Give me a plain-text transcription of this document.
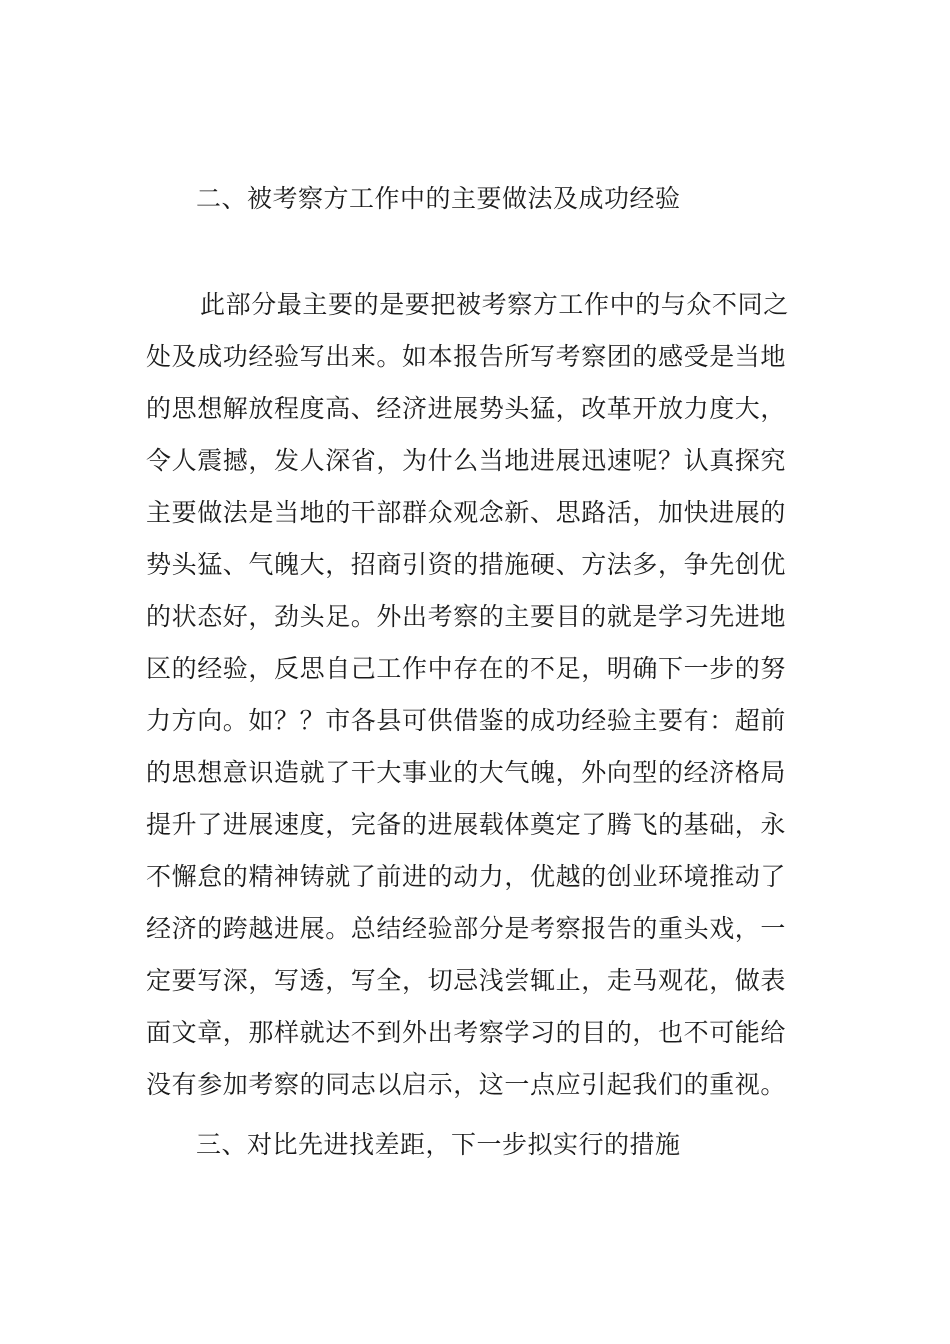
二、被考察方工作中的主要做法及成功经验
此部分最主要的是要把被考察方工作中的与众不同之
处及成功经验写出来。如本报告所写考察团的感受是当地
的思想解放程度高、经济进展势头猛，改革开放力度大，
令人震撼，发人深省，为什么当地进展迅速呢？认真探究
主要做法是当地的干部群众观念新、思路活，加快进展的
势头猛、气魄大，招商引资的措施硬、方法多，争先创优
的状态好，劲头足。外出考察的主要目的就是学习先进地
区的经验，反思自己工作中存在的不足，明确下一步的努
力方向。如？？市各县可供借鉴的成功经验主要有：超前
的思想意识造就了干大事业的大气魄，外向型的经济格局
提升了进展速度，完备的进展载体奠定了腾飞的基础，永
不懈怠的精神铸就了前进的动力，优越的创业环境推动了
经济的跨越进展。总结经验部分是考察报告的重头戏，一
定要写深，写透，写全，切忌浅尝辄止，走马观花，做表
面文章，那样就达不到外出考察学习的目的，也不可能给
没有参加考察的同志以启示，这一点应引起我们的重视。
三、对比先进找差距，下一步拟实行的措施
